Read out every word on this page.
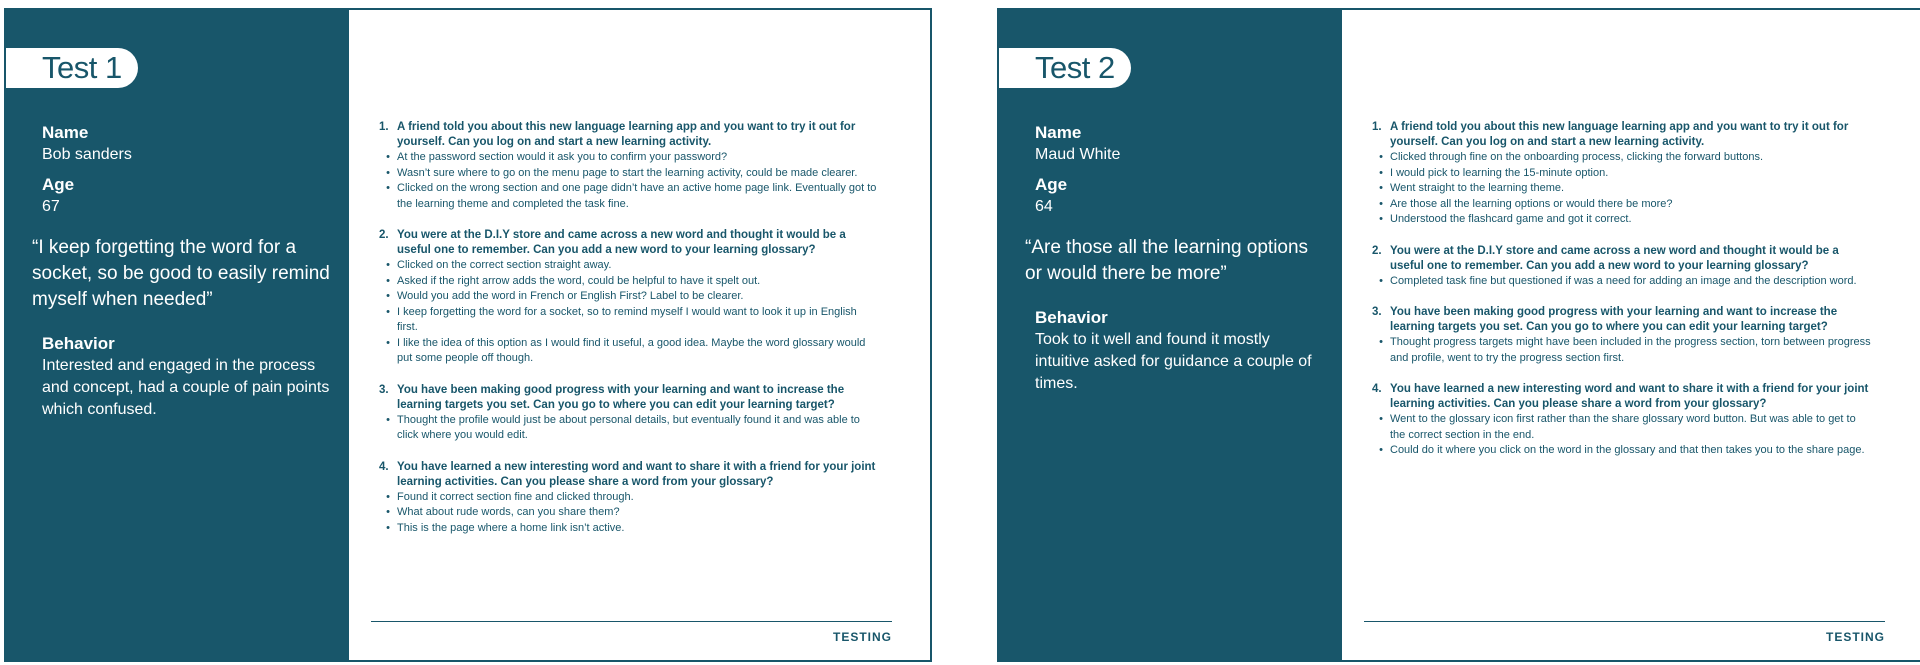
Test 1
Name
Bob sanders
Age
67
“I keep forgetting the word for a socket, so be good to easily remind myself when needed”
Behavior
Interested and engaged in the process and concept, had a couple of pain points which confused.
1. A friend told you about this new language learning app and you want to try it out for yourself. Can you log on and start a new learning activity.
• At the password section would it ask you to confirm your password?
• Wasn’t sure where to go on the menu page to start the learning activity, could be made clearer.
• Clicked on the wrong section and one page didn’t have an active home page link. Eventually got to the learning theme and completed the task fine.
2. You were at the D.I.Y store and came across a new word and thought it would be a useful one to remember. Can you add a new word to your learning glossary?
• Clicked on the correct section straight away.
• Asked if the right arrow adds the word, could be helpful to have it spelt out.
• Would you add the word in French or English First? Label to be clearer.
• I keep forgetting the word for a socket, so to remind myself I would want to look it up in English first.
• I like the idea of this option as I would find it useful, a good idea. Maybe the word glossary would put some people off though.
3. You have been making good progress with your learning and want to increase the learning targets you set. Can you go to where you can edit your learning target?
• Thought the profile would just be about personal details, but eventually found it and was able to click where you would edit.
4. You have learned a new interesting word and want to share it with a friend for your joint learning activities. Can you please share a word from your glossary?
• Found it correct section fine and clicked through.
• What about rude words, can you share them?
• This is the page where a home link isn’t active.
TESTING
Test 2
Name
Maud White
Age
64
“Are those all the learning options or would there be more”
Behavior
Took to it well and found it mostly intuitive asked for guidance a couple of times.
1. A friend told you about this new language learning app and you want to try it out for yourself. Can you log on and start a new learning activity.
• Clicked through fine on the onboarding process, clicking the forward buttons.
• I would pick to learning the 15-minute option.
• Went straight to the learning theme.
• Are those all the learning options or would there be more?
• Understood the flashcard game and got it correct.
2. You were at the D.I.Y store and came across a new word and thought it would be a useful one to remember. Can you add a new word to your learning glossary?
• Completed task fine but questioned if was a need for adding an image and the description word.
3. You have been making good progress with your learning and want to increase the learning targets you set. Can you go to where you can edit your learning target?
• Thought progress targets might have been included in the progress section, torn between progress and profile, went to try the progress section first.
4. You have learned a new interesting word and want to share it with a friend for your joint learning activities. Can you please share a word from your glossary?
• Went to the glossary icon first rather than the share glossary word button. But was able to get to the correct section in the end.
• Could do it where you click on the word in the glossary and that then takes you to the share page.
TESTING
